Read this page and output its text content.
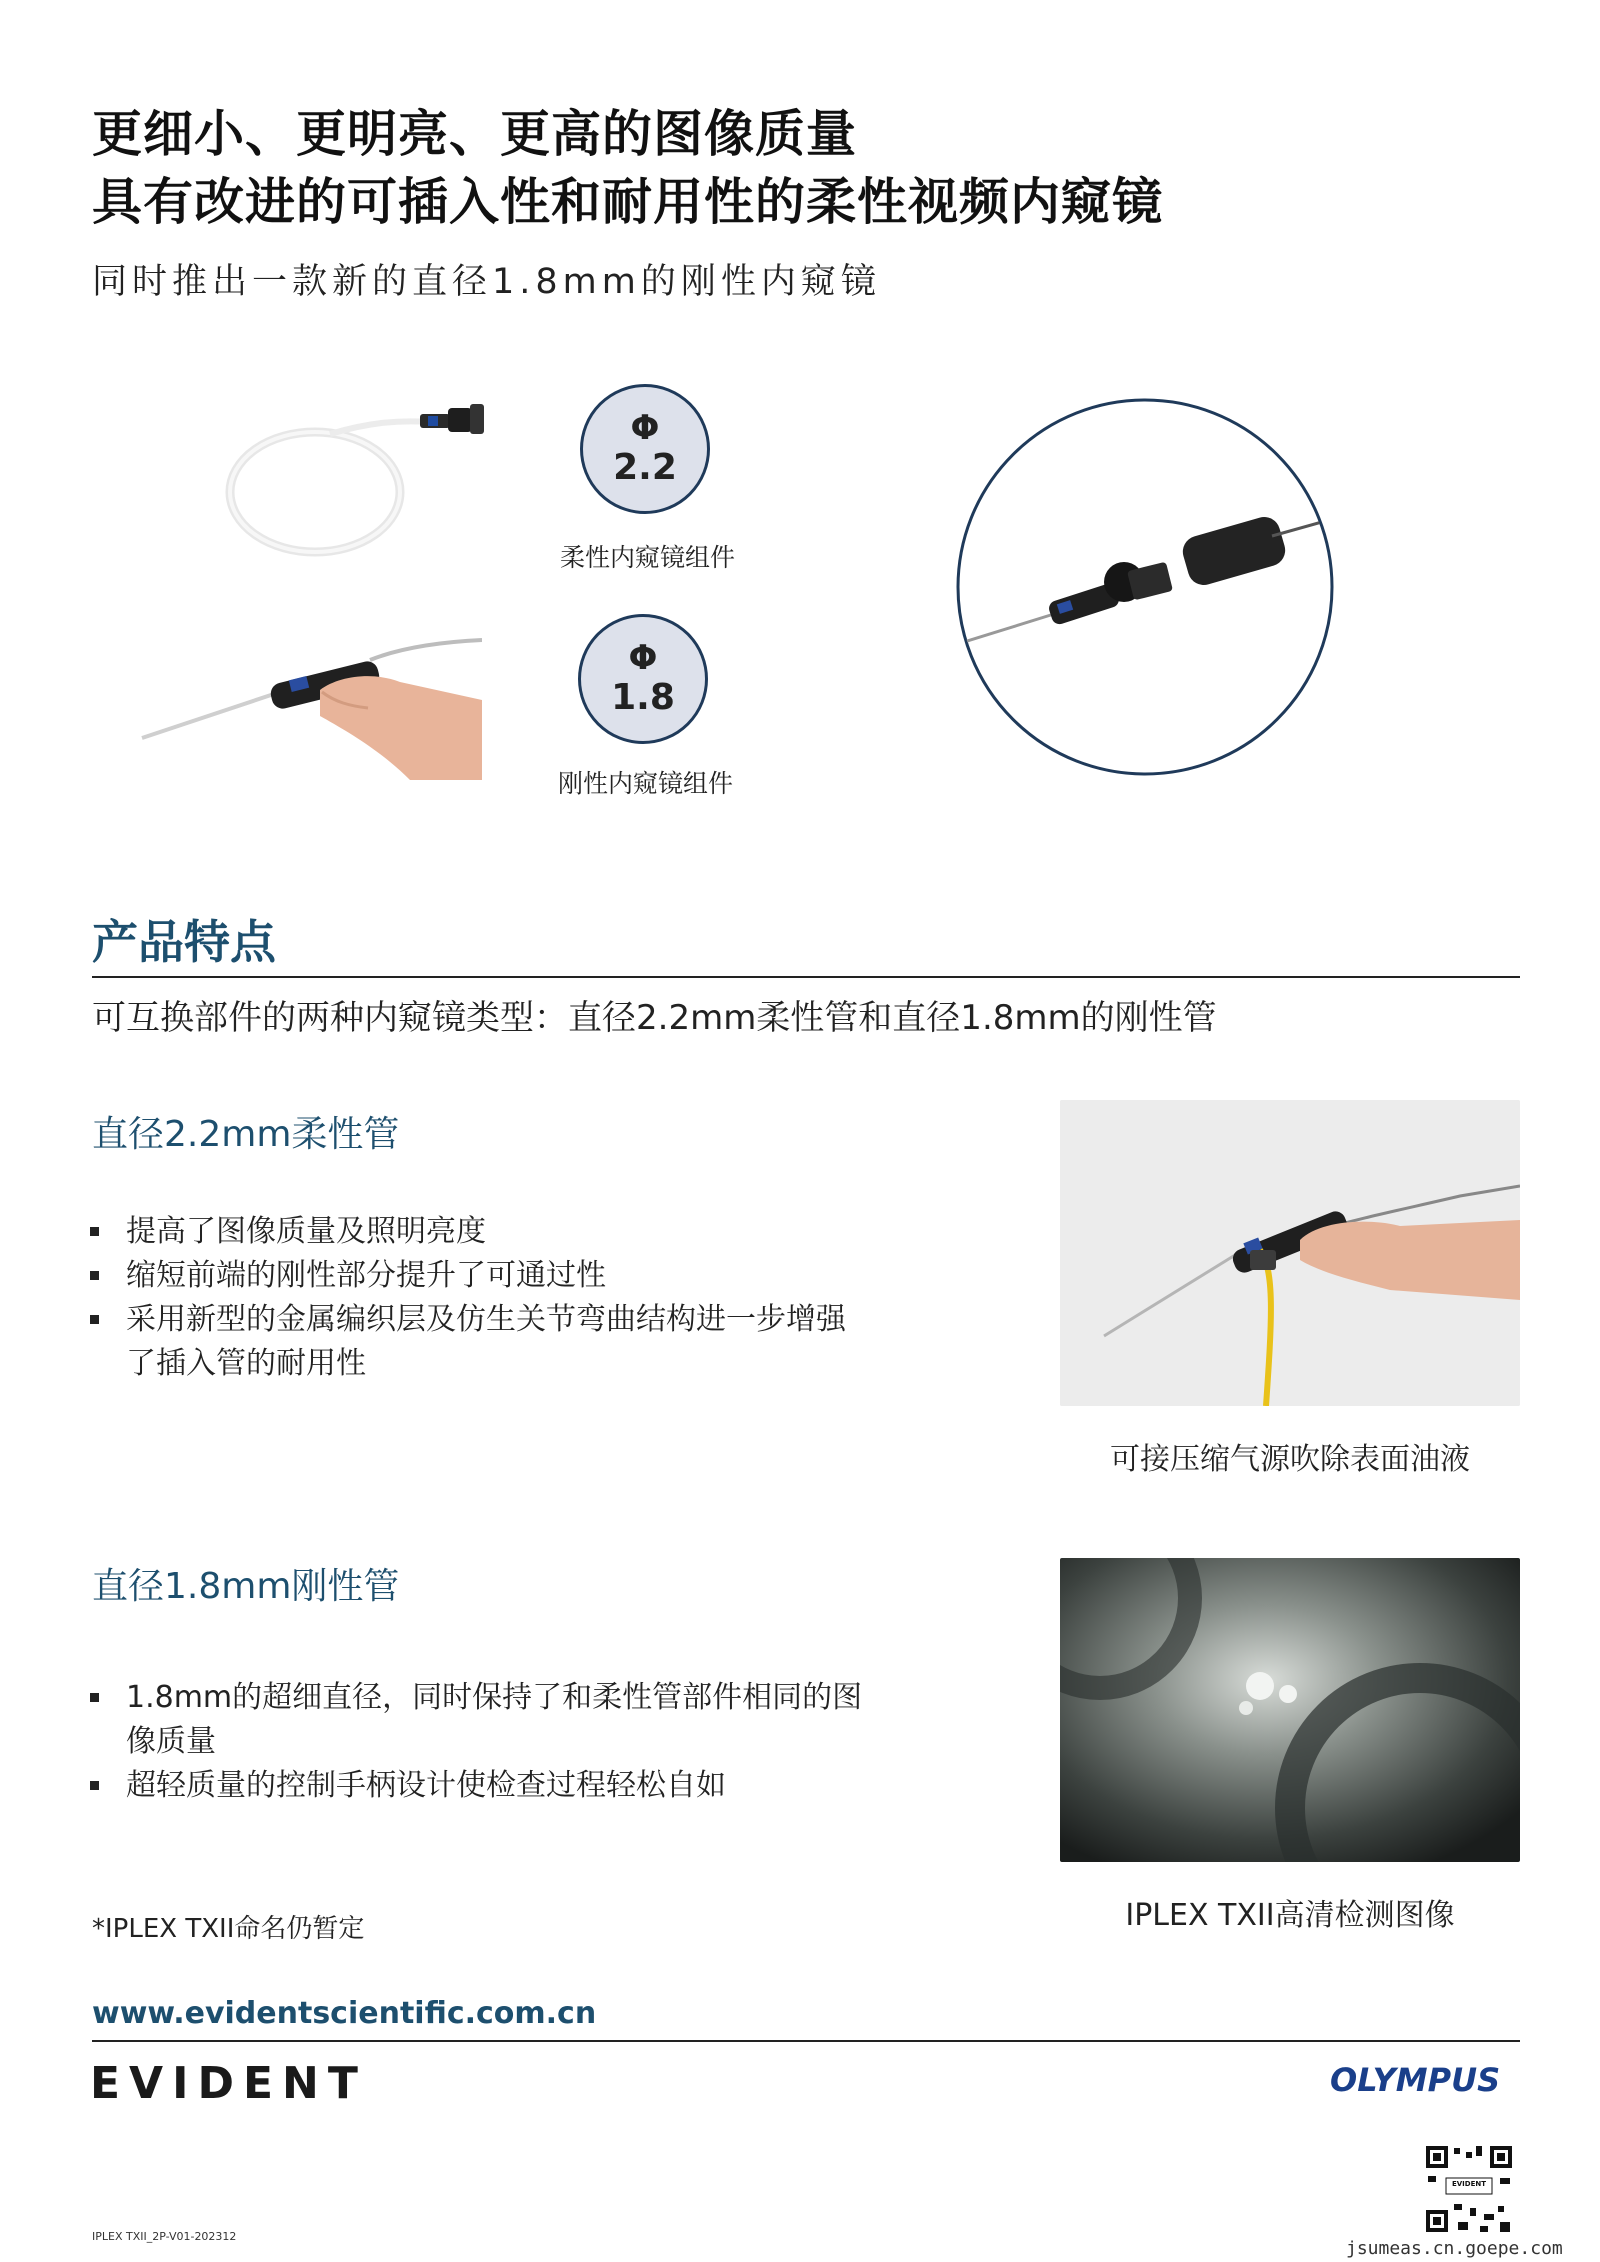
更细小、更明亮、更高的图像质量
具有改进的可插入性和耐用性的柔性视频内窥镜
同时推出一款新的直径1.8mm的刚性内窥镜
Φ
2.2
柔性内窥镜组件
Φ
1.8
刚性内窥镜组件
产品特点
可互换部件的两种内窥镜类型：直径2.2mm柔性管和直径1.8mm的刚性管
直径2.2mm柔性管
提高了图像质量及照明亮度
缩短前端的刚性部分提升了可通过性
采用新型的金属编织层及仿生关节弯曲结构进一步增强了插入管的耐用性
可接压缩气源吹除表面油液
直径1.8mm刚性管
1.8mm的超细直径，同时保持了和柔性管部件相同的图像质量
超轻质量的控制手柄设计使检查过程轻松自如
IPLEX TXII高清检测图像
*IPLEX TXII命名仍暂定
www.evidentscientific.com.cn
EVIDENT	OLYMPUS
EVIDENT
IPLEX TXII_2P-V01-202312
jsumeas.cn.goepe.com
